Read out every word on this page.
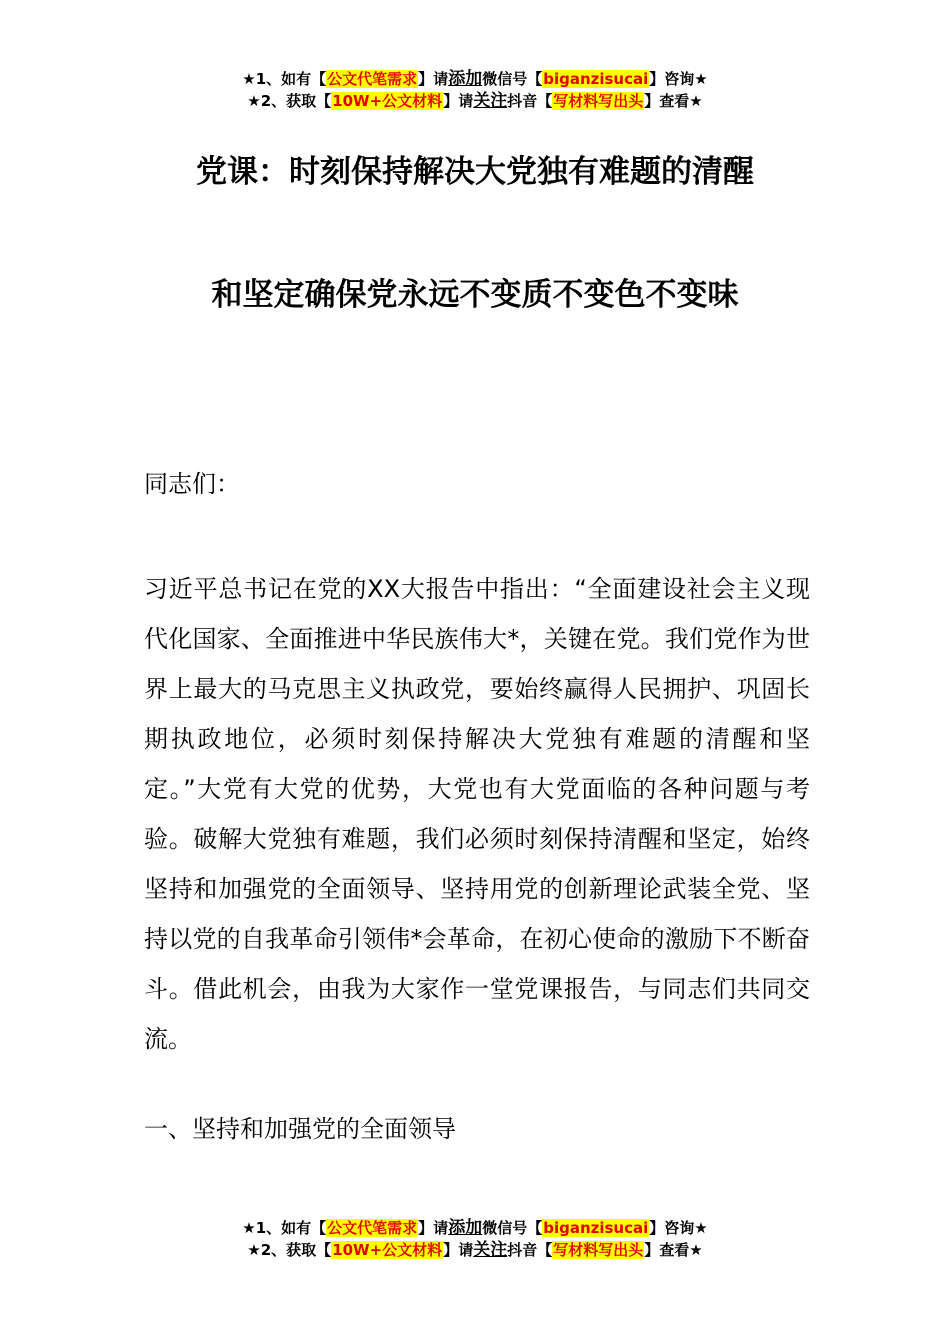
★1、如有【公文代笔需求】请添加微信号【biganzisucai】咨询★
★2、获取【10W+公文材料】请关注抖音【写材料写出头】查看★
党课：时刻保持解决大党独有难题的清醒
和坚定确保党永远不变质不变色不变味
同志们：
习近平总书记在党的XX大报告中指出：“全面建设社会主义现代化国家、全面推进中华民族伟大*，关键在党。我们党作为世界上最大的马克思主义执政党，要始终赢得人民拥护、巩固长期执政地位，必须时刻保持解决大党独有难题的清醒和坚定。”大党有大党的优势，大党也有大党面临的各种问题与考验。破解大党独有难题，我们必须时刻保持清醒和坚定，始终坚持和加强党的全面领导、坚持用党的创新理论武装全党、坚持以党的自我革命引领伟*会革命，在初心使命的激励下不断奋斗。借此机会，由我为大家作一堂党课报告，与同志们共同交流。
一、坚持和加强党的全面领导
★1、如有【公文代笔需求】请添加微信号【biganzisucai】咨询★
★2、获取【10W+公文材料】请关注抖音【写材料写出头】查看★
